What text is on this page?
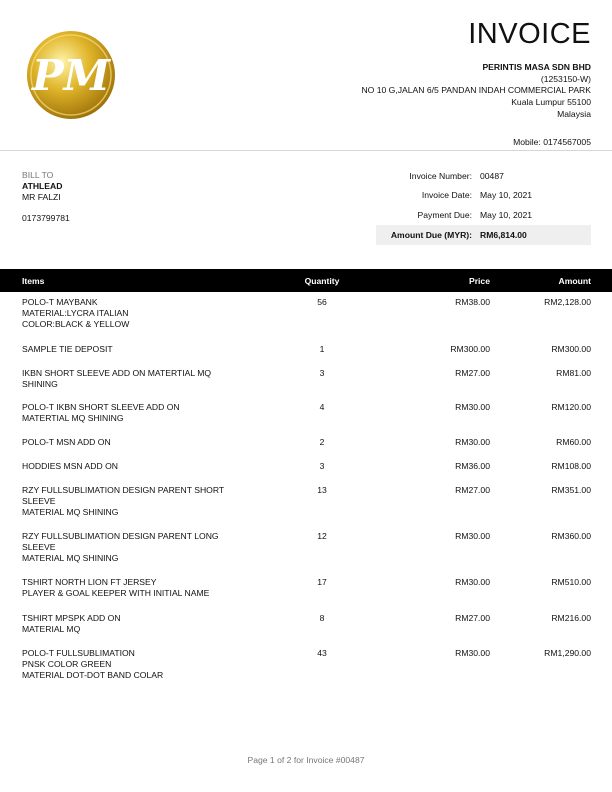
PM
INVOICE
PERINTIS MASA SDN BHD
(1253150-W)
NO 10 G,JALAN 6/5 PANDAN INDAH COMMERCIAL PARK
Kuala Lumpur 55100
Malaysia
Mobile: 0174567005
BILL TO
ATHLEAD
MR FALZI
0173799781
Invoice Number: 00487
Invoice Date: May 10, 2021
Payment Due: May 10, 2021
Amount Due (MYR): RM6,814.00
Items	Quantity	Price	Amount
POLO-T MAYBANK
MATERIAL:LYCRA ITALIAN
COLOR:BLACK & YELLOW
56	RM38.00	RM2,128.00
SAMPLE TIE DEPOSIT	1	RM300.00	RM300.00
IKBN SHORT SLEEVE ADD ON MATERTIAL MQ
SHINING
3	RM27.00	RM81.00
POLO-T IKBN SHORT SLEEVE ADD ON
MATERTIAL MQ SHINING
4	RM30.00	RM120.00
POLO-T MSN ADD ON	2	RM30.00	RM60.00
HODDIES MSN ADD ON	3	RM36.00	RM108.00
RZY FULLSUBLIMATION DESIGN PARENT SHORT
SLEEVE
MATERIAL MQ SHINING
13	RM27.00	RM351.00
RZY FULLSUBLIMATION DESIGN PARENT LONG
SLEEVE
MATERIAL MQ SHINING
12	RM30.00	RM360.00
TSHIRT NORTH LION FT JERSEY
PLAYER & GOAL KEEPER WITH INITIAL NAME
17	RM30.00	RM510.00
TSHIRT MPSPK ADD ON
MATERIAL MQ
8	RM27.00	RM216.00
POLO-T FULLSUBLIMATION
PNSK COLOR GREEN
MATERIAL DOT-DOT BAND COLAR
43	RM30.00	RM1,290.00
Page 1 of 2 for Invoice #00487
